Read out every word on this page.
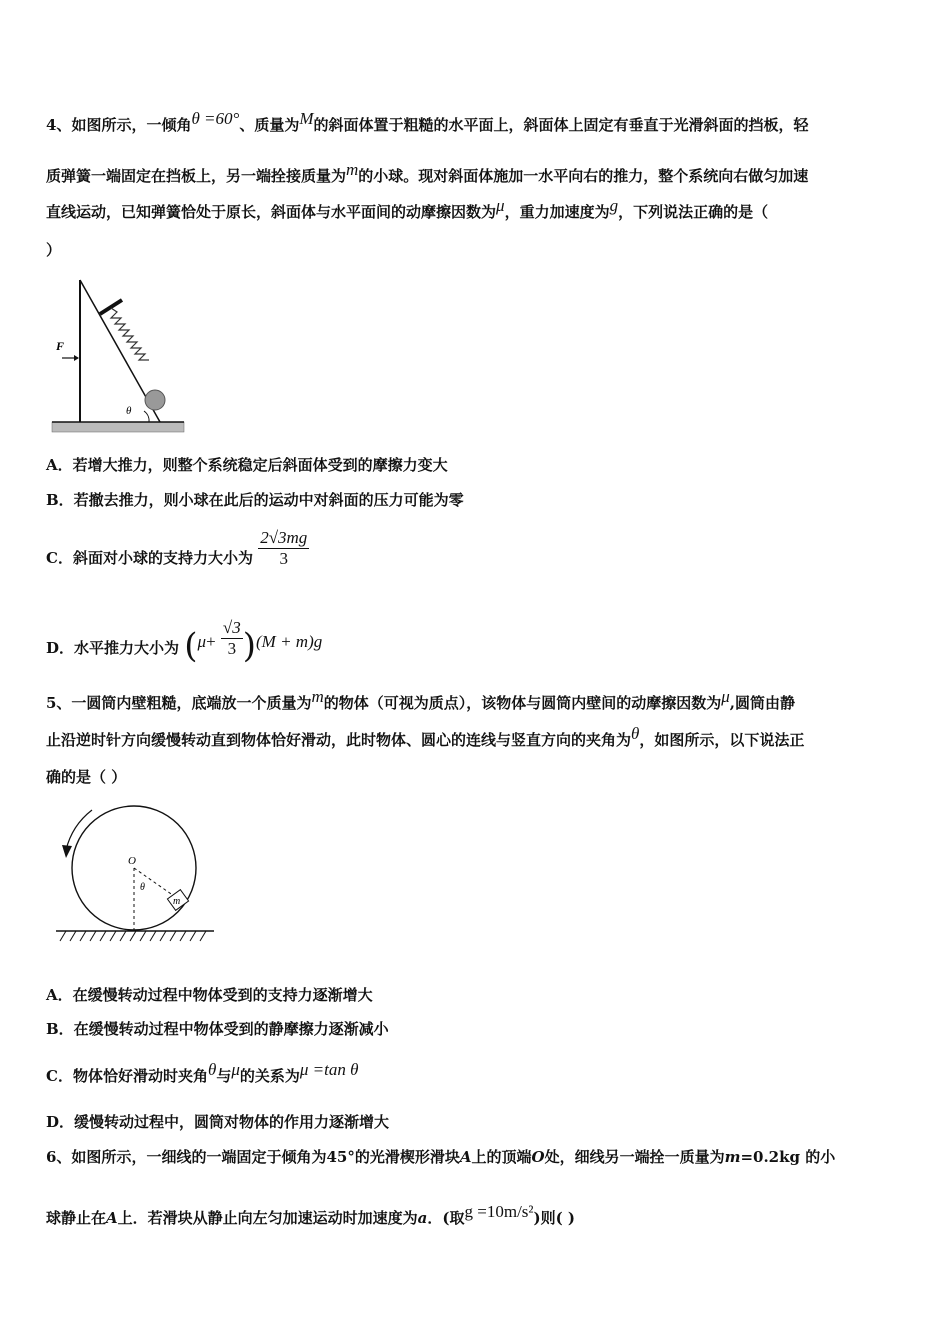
4、如图所示，一倾角θ =60°、质量为M的斜面体置于粗糙的水平面上，斜面体上固定有垂直于光滑斜面的挡板，轻
质弹簧一端固定在挡板上，另一端拴接质量为m的小球。现对斜面体施加一水平向右的推力，整个系统向右做匀加速
直线运动，已知弹簧恰处于原长，斜面体与水平面间的动摩擦因数为μ，重力加速度为g，下列说法正确的是（
）
F
θ
A．若增大推力，则整个系统稳定后斜面体受到的摩擦力变大
B．若撤去推力，则小球在此后的运动中对斜面的压力可能为零
C．斜面对小球的支持力大小为 $\frac{2√3mg}{3}$
D．水平推力大小为 $(\mu+ \frac{√3}{3} )(M + m)g$
5、一圆筒内壁粗糙，底端放一个质量为m的物体（可视为质点），该物体与圆筒内壁间的动摩擦因数为μ,圆筒由静
止沿逆时针方向缓慢转动直到物体恰好滑动，此时物体、圆心的连线与竖直方向的夹角为θ，如图所示，以下说法正
确的是（ ）
m
O
θ
A．在缓慢转动过程中物体受到的支持力逐渐增大
B．在缓慢转动过程中物体受到的静摩擦力逐渐减小
C．物体恰好滑动时夹角θ与μ的关系为μ =tan θ
D．缓慢转动过程中，圆筒对物体的作用力逐渐增大
6、如图所示，一细线的一端固定于倾角为45°的光滑楔形滑块A上的顶端O处，细线另一端拴一质量为m=0.2kg 的小
球静止在A上．若滑块从静止向左匀加速运动时加速度为a．(取g =10m/s²)则( )
